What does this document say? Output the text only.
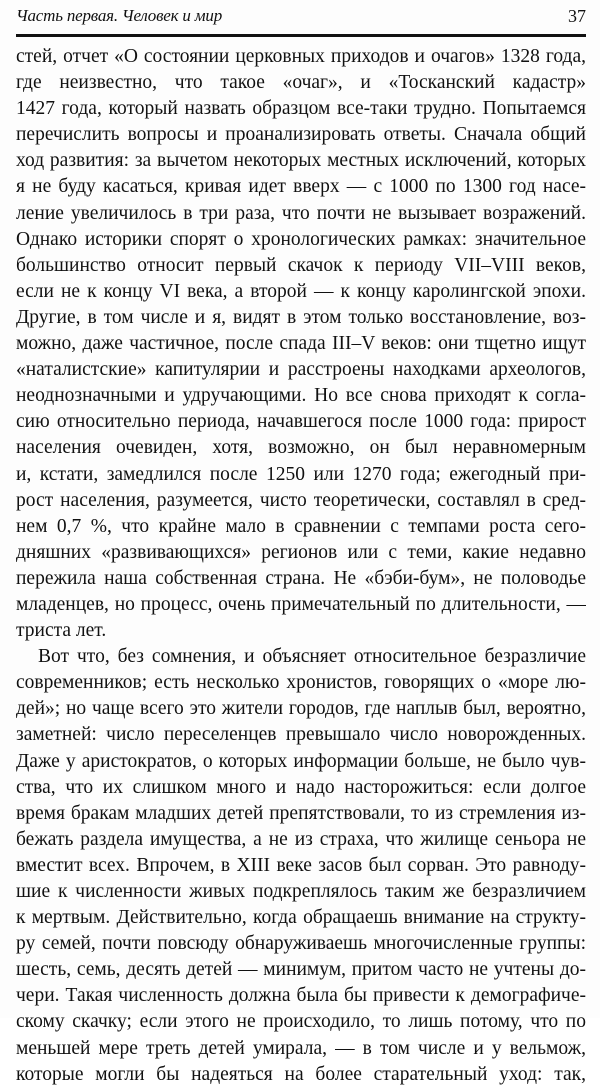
Часть первая. Человек и мир	37
стей, отчет «О состоянии церковных приходов и очагов» 1328 года,
где неизвестно, что такое «очаг», и «Тосканский кадастр»
1427 года, который назвать образцом все-таки трудно. Попытаемся
перечислить вопросы и проанализировать ответы. Сначала общий
ход развития: за вычетом некоторых местных исключений, которых
я не буду касаться, кривая идет вверх — с 1000 по 1300 год насе-
ление увеличилось в три раза, что почти не вызывает возражений.
Однако историки спорят о хронологических рамках: значительное
большинство относит первый скачок к периоду VII–VIII веков,
если не к концу VI века, а второй — к концу каролингской эпохи.
Другие, в том числе и я, видят в этом только восстановление, воз-
можно, даже частичное, после спада III–V веков: они тщетно ищут
«наталистские» капитулярии и расстроены находками археологов,
неоднозначными и удручающими. Но все снова приходят к согла-
сию относительно периода, начавшегося после 1000 года: прирост
населения очевиден, хотя, возможно, он был неравномерным
и, кстати, замедлился после 1250 или 1270 года; ежегодный при-
рост населения, разумеется, чисто теоретически, составлял в сред-
нем 0,7 %, что крайне мало в сравнении с темпами роста сего-
дняшних «развивающихся» регионов или с теми, какие недавно
пережила наша собственная страна. Не «бэби-бум», не половодье
младенцев, но процесс, очень примечательный по длительности, —
триста лет.
Вот что, без сомнения, и объясняет относительное безразличие
современников; есть несколько хронистов, говорящих о «море лю-
дей»; но чаще всего это жители городов, где наплыв был, вероятно,
заметней: число переселенцев превышало число новорожденных.
Даже у аристократов, о которых информации больше, не было чув-
ства, что их слишком много и надо насторожиться: если долгое
время бракам младших детей препятствовали, то из стремления из-
бежать раздела имущества, а не из страха, что жилище сеньора не
вместит всех. Впрочем, в XIII веке засов был сорван. Это равноду-
шие к численности живых подкреплялось таким же безразличием
к мертвым. Действительно, когда обращаешь внимание на структу-
ру семей, почти повсюду обнаруживаешь многочисленные группы:
шесть, семь, десять детей — минимум, притом часто не учтены до-
чери. Такая численность должна была бы привести к демографиче-
скому скачку; если этого не происходило, то лишь потому, что по
меньшей мере треть детей умирала, — в том числе и у вельмож,
которые могли бы надеяться на более старательный уход: так,
